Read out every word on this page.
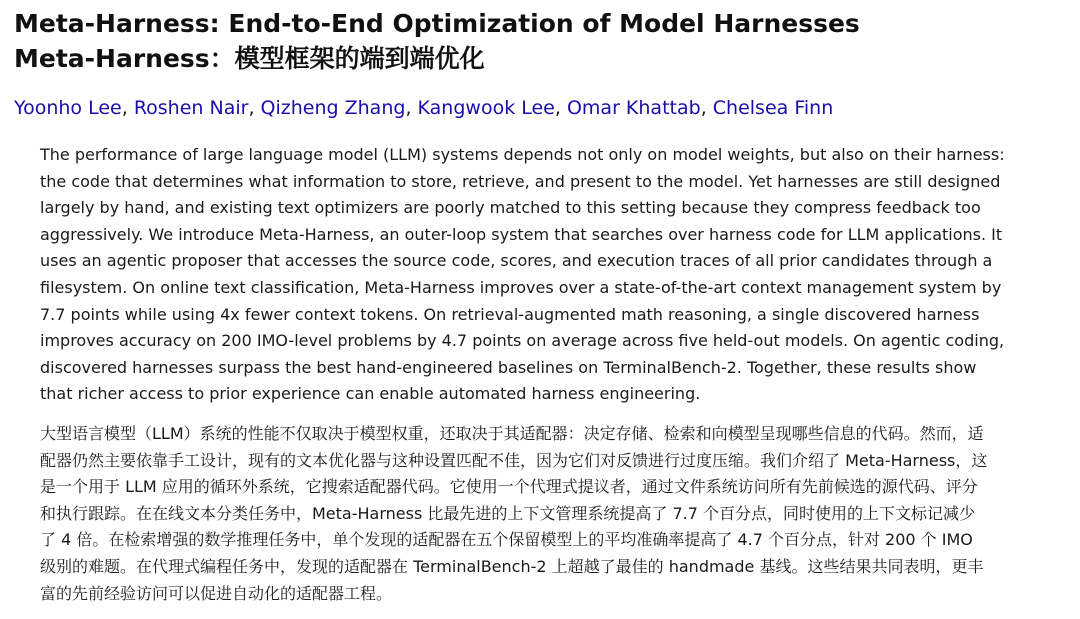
Meta-Harness: End-to-End Optimization of Model Harnesses
Meta-Harness：模型框架的端到端优化
Yoonho Lee, Roshen Nair, Qizheng Zhang, Kangwook Lee, Omar Khattab, Chelsea Finn
The performance of large language model (LLM) systems depends not only on model weights, but also on their harness:
the code that determines what information to store, retrieve, and present to the model. Yet harnesses are still designed
largely by hand, and existing text optimizers are poorly matched to this setting because they compress feedback too
aggressively. We introduce Meta-Harness, an outer-loop system that searches over harness code for LLM applications. It
uses an agentic proposer that accesses the source code, scores, and execution traces of all prior candidates through a
filesystem. On online text classification, Meta-Harness improves over a state-of-the-art context management system by
7.7 points while using 4x fewer context tokens. On retrieval-augmented math reasoning, a single discovered harness
improves accuracy on 200 IMO-level problems by 4.7 points on average across five held-out models. On agentic coding,
discovered harnesses surpass the best hand-engineered baselines on TerminalBench-2. Together, these results show
that richer access to prior experience can enable automated harness engineering.
大型语言模型（LLM）系统的性能不仅取决于模型权重，还取决于其适配器：决定存储、检索和向模型呈现哪些信息的代码。然而，适
配器仍然主要依靠手工设计，现有的文本优化器与这种设置匹配不佳，因为它们对反馈进行过度压缩。我们介绍了 Meta-Harness，这
是一个用于 LLM 应用的循环外系统，它搜索适配器代码。它使用一个代理式提议者，通过文件系统访问所有先前候选的源代码、评分
和执行跟踪。在在线文本分类任务中，Meta-Harness 比最先进的上下文管理系统提高了 7.7 个百分点，同时使用的上下文标记减少
了 4 倍。在检索增强的数学推理任务中，单个发现的适配器在五个保留模型上的平均准确率提高了 4.7 个百分点，针对 200 个 IMO
级别的难题。在代理式编程任务中，发现的适配器在 TerminalBench-2 上超越了最佳的 handmade 基线。这些结果共同表明，更丰
富的先前经验访问可以促进自动化的适配器工程。
